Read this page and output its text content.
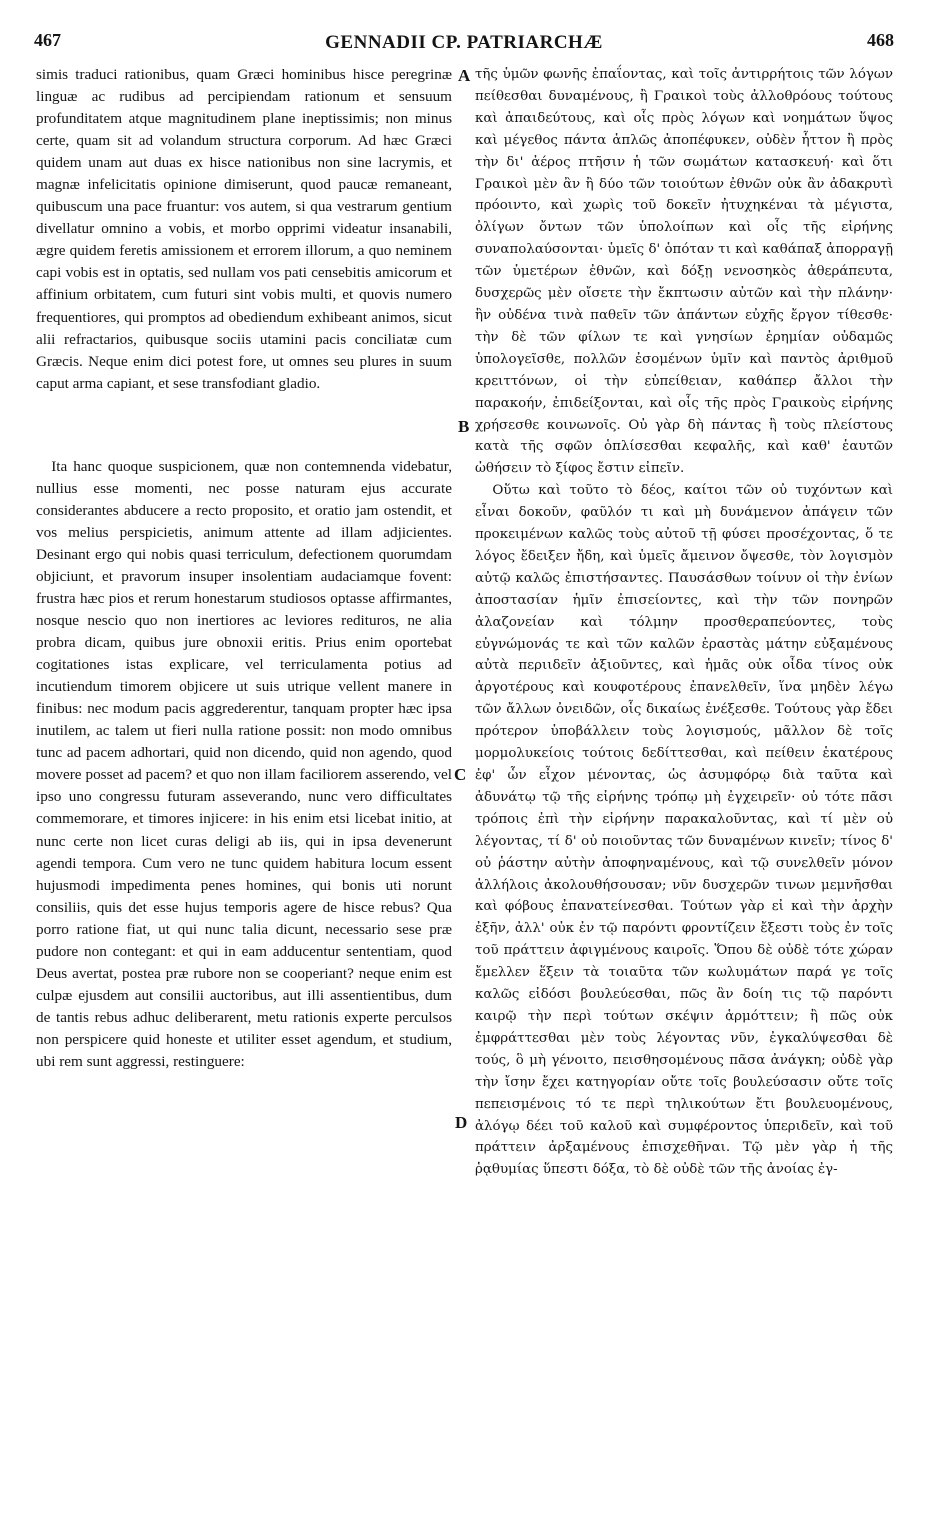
467	GENNADII CP. PATRIARCHÆ	468

simis traduci rationibus, quam Græci hominibus hisce peregrinæ linguæ ac rudibus ad percipiendam rationum et sensuum profunditatem atque magnitudinem plane ineptissimis; non minus certe, quam sit ad volandum structura corporum. Ad hæc Græci quidem unam aut duas ex hisce nationibus non sine lacrymis, et magnæ infelicitatis opinione dimiserunt, quod paucæ remaneant, quibuscum una pace fruantur: vos autem, si qua vestrarum gentium divellatur omnino a vobis, et morbo opprimi videatur insanabili, ægre quidem feretis amissionem et errorem illorum, a quo neminem capi vobis est in optatis, sed nullam vos pati censebitis amicorum et affinium orbitatem, cum futuri sint vobis multi, et quovis numero frequentiores, qui promptos ad obediendum exhibeant animos, sicut alii refractarios, quibusque sociis utamini pacis conciliatæ cum Græcis. Neque enim dici potest fore, ut omnes seu plures in suum caput arma capiant, et sese transfodiant gladio.

Ita hanc quoque suspicionem, quæ non contemnenda videbatur, nullius esse momenti, nec posse naturam ejus accurate considerantes abducere a recto proposito, et oratio jam ostendit, et vos melius perspicietis, animum attente ad illam adjicientes. Desinant ergo qui nobis quasi terriculum, defectionem quorumdam objiciunt, et pravorum insuper insolentiam audaciamque fovent: frustra hæc pios et rerum honestarum studiosos optasse affirmantes, nosque nescio quo non inertiores ac leviores redituros, ne alia probra dicam, quibus jure obnoxii eritis. Prius enim oportebat cogitationes istas explicare, vel terriculamenta potius ad incutiendum timorem objicere ut suis utrique vellent manere in finibus: nec modum pacis aggrederentur, tanquam propter hæc ipsa inutilem, ac talem ut fieri nulla ratione possit: non modo omnibus tunc ad pacem adhortari, quid non dicendo, quid non agendo, quod movere posset ad pacem? et quo non illam faciliorem asserendo, vel ipso uno congressu futuram asseverando, nunc vero difficultates commemorare, et timores injicere: in his enim etsi licebat initio, at nunc certe non licet curas deligi ab iis, qui in ipsa devenerunt agendi tempora. Cum vero ne tunc quidem habitura locum essent hujusmodi impedimenta penes homines, qui bonis uti norunt consiliis, quis det esse hujus temporis agere de hisce rebus? Qua porro ratione fiat, ut qui nunc talia dicunt, necessario sese præ pudore non contegant: et qui in eam adducentur sententiam, quod Deus avertat, postea præ rubore non se cooperiant? neque enim est culpæ ejusdem aut consilii auctoribus, aut illi assentientibus, dum de tantis rebus adhuc deliberarent, metu rationis experte perculsos non perspicere quid honeste et utiliter esset agendum, et studium, ubi rem sunt aggressi, restinguere:

τῆς ὑμῶν φωνῆς ἐπαΐοντας, καὶ τοῖς ἀντιρρήτοις τῶν λόγων πείθεσθαι δυναμένους, ἢ Γραικοὶ τοὺς ἀλλοθρόους τούτους καὶ ἀπαιδεύτους, καὶ οἷς πρὸς λόγων καὶ νοημάτων ὕψος καὶ μέγεθος πάντα ἁπλῶς ἀποπέφυκεν, οὐδὲν ἧττον ἢ πρὸς τὴν δι' ἀέρος πτῆσιν ἡ τῶν σωμάτων κατασκευή· καὶ ὅτι Γραικοὶ μὲν ἂν ἢ δύο τῶν τοιούτων ἐθνῶν οὐκ ἂν ἀδακρυτὶ πρόοιντο, καὶ χωρὶς τοῦ δοκεῖν ἠτυχηκέναι τὰ μέγιστα, ὀλίγων ὄντων τῶν ὑπολοίπων καὶ οἷς τῆς εἰρήνης συναπολαύσονται· ὑμεῖς δ' ὁπόταν τι καὶ καθάπαξ ἀπορραγῇ τῶν ὑμετέρων ἐθνῶν, καὶ δόξῃ νενοσηκὸς ἀθεράπευτα, δυσχερῶς μὲν οἴσετε τὴν ἔκπτωσιν αὐτῶν καὶ τὴν πλάνην· ἣν οὐδένα τινὰ παθεῖν τῶν ἁπάντων εὐχῆς ἔργον τίθεσθε· τὴν δὲ τῶν φίλων τε καὶ γνησίων ἐρημίαν οὐδαμῶς ὑπολογεῖσθε, πολλῶν ἐσομένων ὑμῖν καὶ παντὸς ἀριθμοῦ κρειττόνων, οἱ τὴν εὐπείθειαν, καθάπερ ἄλλοι τὴν παρακοήν, ἐπιδείξονται, καὶ οἷς τῆς πρὸς Γραικοὺς εἰρήνης χρήσεσθε κοινωνοῖς. Οὐ γὰρ δὴ πάντας ἢ τοὺς πλείστους κατὰ τῆς σφῶν ὁπλίσεσθαι κεφαλῆς, καὶ καθ' ἑαυτῶν ὠθήσειν τὸ ξίφος ἔστιν εἰπεῖν.

Οὕτω καὶ τοῦτο τὸ δέος, καίτοι τῶν οὐ τυχόντων καὶ εἶναι δοκοῦν, φαῦλόν τι καὶ μὴ δυνάμενον ἀπάγειν τῶν προκειμένων καλῶς τοὺς αὐτοῦ τῇ φύσει προσέχοντας, ὅ τε λόγος ἔδειξεν ἤδη, καὶ ὑμεῖς ἄμεινον ὄψεσθε, τὸν λογισμὸν αὐτῷ καλῶς ἐπιστήσαντες. Παυσάσθων τοίνυν οἱ τὴν ἐνίων ἀποστασίαν ἡμῖν ἐπισείοντες, καὶ τὴν τῶν πονηρῶν ἀλαζονείαν καὶ τόλμην προσθεραπεύοντες, τοὺς εὐγνώμονάς τε καὶ τῶν καλῶν ἐραστὰς μάτην εὐξαμένους αὐτὰ περιιδεῖν ἀξιοῦντες, καὶ ἡμᾶς οὐκ οἶδα τίνος οὐκ ἀργοτέρους καὶ κουφοτέρους ἐπανελθεῖν, ἵνα μηδὲν λέγω τῶν ἄλλων ὀνειδῶν, οἷς δικαίως ἐνέξεσθε. Τούτους γὰρ ἔδει πρότερον ὑποβάλλειν τοὺς λογισμούς, μᾶλλον δὲ τοῖς μορμολυκείοις τούτοις δεδίττεσθαι, καὶ πείθειν ἑκατέρους ἐφ' ὧν εἶχον μένοντας, ὡς ἀσυμφόρῳ διὰ ταῦτα καὶ ἀδυνάτῳ τῷ τῆς εἰρήνης τρόπῳ μὴ ἐγχειρεῖν· οὐ τότε πᾶσι τρόποις ἐπὶ τὴν εἰρήνην παρακαλοῦντας, καὶ τί μὲν οὐ λέγοντας, τί δ' οὐ ποιοῦντας τῶν δυναμένων κινεῖν; τίνος δ' οὐ ῥάστην αὐτὴν ἀποφηναμένους, καὶ τῷ συνελθεῖν μόνον ἀλλήλοις ἀκολουθήσουσαν; νῦν δυσχερῶν τινων μεμνῆσθαι καὶ φόβους ἐπανατείνεσθαι. Τούτων γὰρ εἰ καὶ τὴν ἀρχὴν ἐξῆν, ἀλλ' οὐκ ἐν τῷ παρόντι φροντίζειν ἔξεστι τοὺς ἐν τοῖς τοῦ πράττειν ἀφιγμένους καιροῖς. Ὅπου δὲ οὐδὲ τότε χώραν ἔμελλεν ἕξειν τὰ τοιαῦτα τῶν κωλυμάτων παρά γε τοῖς καλῶς εἰδόσι βουλεύεσθαι, πῶς ἂν δοίη τις τῷ παρόντι καιρῷ τὴν περὶ τούτων σκέψιν ἁρμόττειν; ἢ πῶς οὐκ ἐμφράττεσθαι μὲν τοὺς λέγοντας νῦν, ἐγκαλύψεσθαι δὲ τούς, ὃ μὴ γένοιτο, πεισθησομένους πᾶσα ἀνάγκη; οὐδὲ γὰρ τὴν ἴσην ἔχει κατηγορίαν οὔτε τοῖς βουλεύσασιν οὔτε τοῖς πεπεισμένοις τό τε περὶ τηλικούτων ἔτι βουλευομένους, ἀλόγῳ δέει τοῦ καλοῦ καὶ συμφέροντος ὑπεριδεῖν, καὶ τοῦ πράττειν ἀρξαμένους ἐπισχεθῆναι. Τῷ μὲν γὰρ ἡ τῆς ῥᾳθυμίας ὕπεστι δόξα, τὸ δὲ οὐδὲ τῶν τῆς ἀνοίας ἐγ-

A
B
C
D
